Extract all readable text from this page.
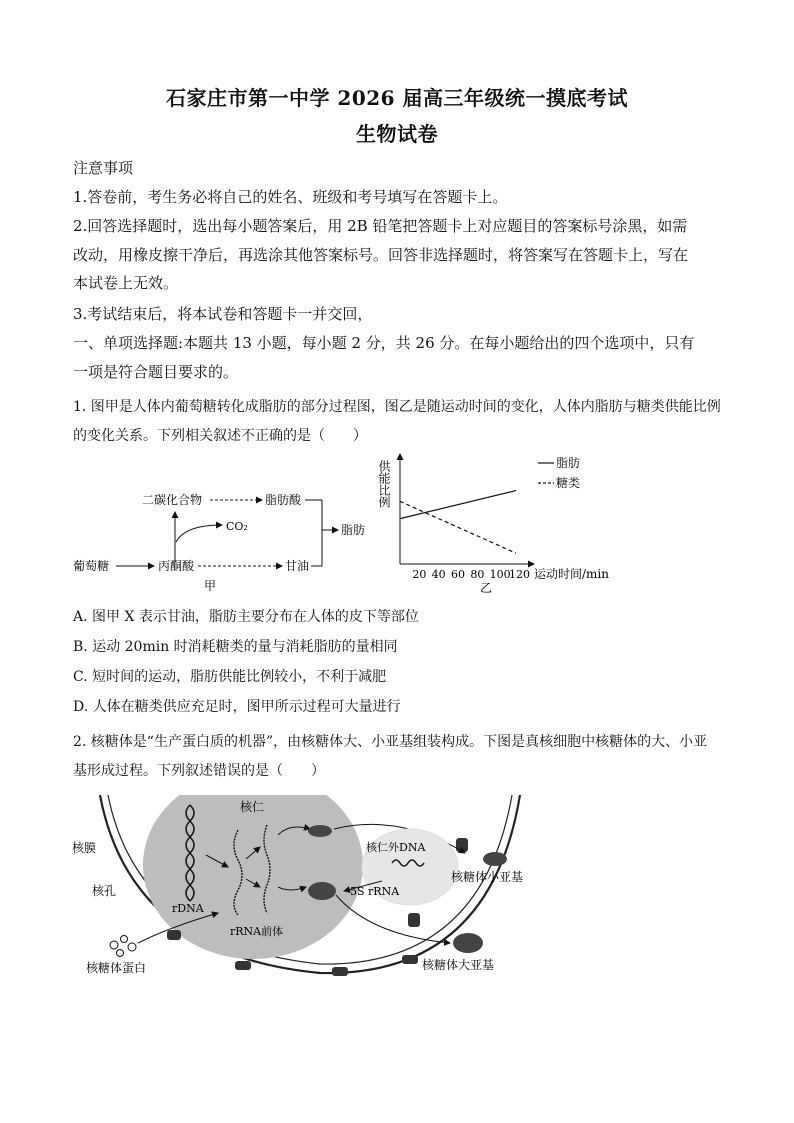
石家庄市第一中学 2026 届高三年级统一摸底考试
生物试卷
注意事项
1.答卷前，考生务必将自己的姓名、班级和考号填写在答题卡上。
2.回答选择题时，选出每小题答案后，用 2B 铅笔把答题卡上对应题目的答案标号涂黑，如需
改动，用橡皮擦干净后，再选涂其他答案标号。回答非选择题时，将答案写在答题卡上，写在
本试卷上无效。
3.考试结束后，将本试卷和答题卡一并交回，
一、单项选择题:本题共 13 小题，每小题 2 分，共 26 分。在每小题给出的四个选项中，只有
一项是符合题目要求的。
1. 图甲是人体内葡萄糖转化成脂肪的部分过程图，图乙是随运动时间的变化，人体内脂肪与糖类供能比例
的变化关系。下列相关叙述不正确的是（　　）
二碳化合物	脂肪酸
脂肪
CO₂
葡萄糖	丙酮酸	甘油
甲
供能比例
20 40 60 80 100
120
脂肪
糖类
运动时间/min
乙
A. 图甲 X 表示甘油，脂肪主要分布在人体的皮下等部位
B. 运动 20min 时消耗糖类的量与消耗脂肪的量相同
C. 短时间的运动，脂肪供能比例较小，不利于减肥
D. 人体在糖类供应充足时，图甲所示过程可大量进行
2. 核糖体是“生产蛋白质的机器”，由核糖体大、小亚基组装构成。下图是真核细胞中核糖体的大、小亚
基形成过程。下列叙述错误的是（　　）
核仁
核膜
核孔
rDNA
rRNA前体
核仁外DNA
5S rRNA
核糖体小亚基
核糖体大亚基
核糖体蛋白
